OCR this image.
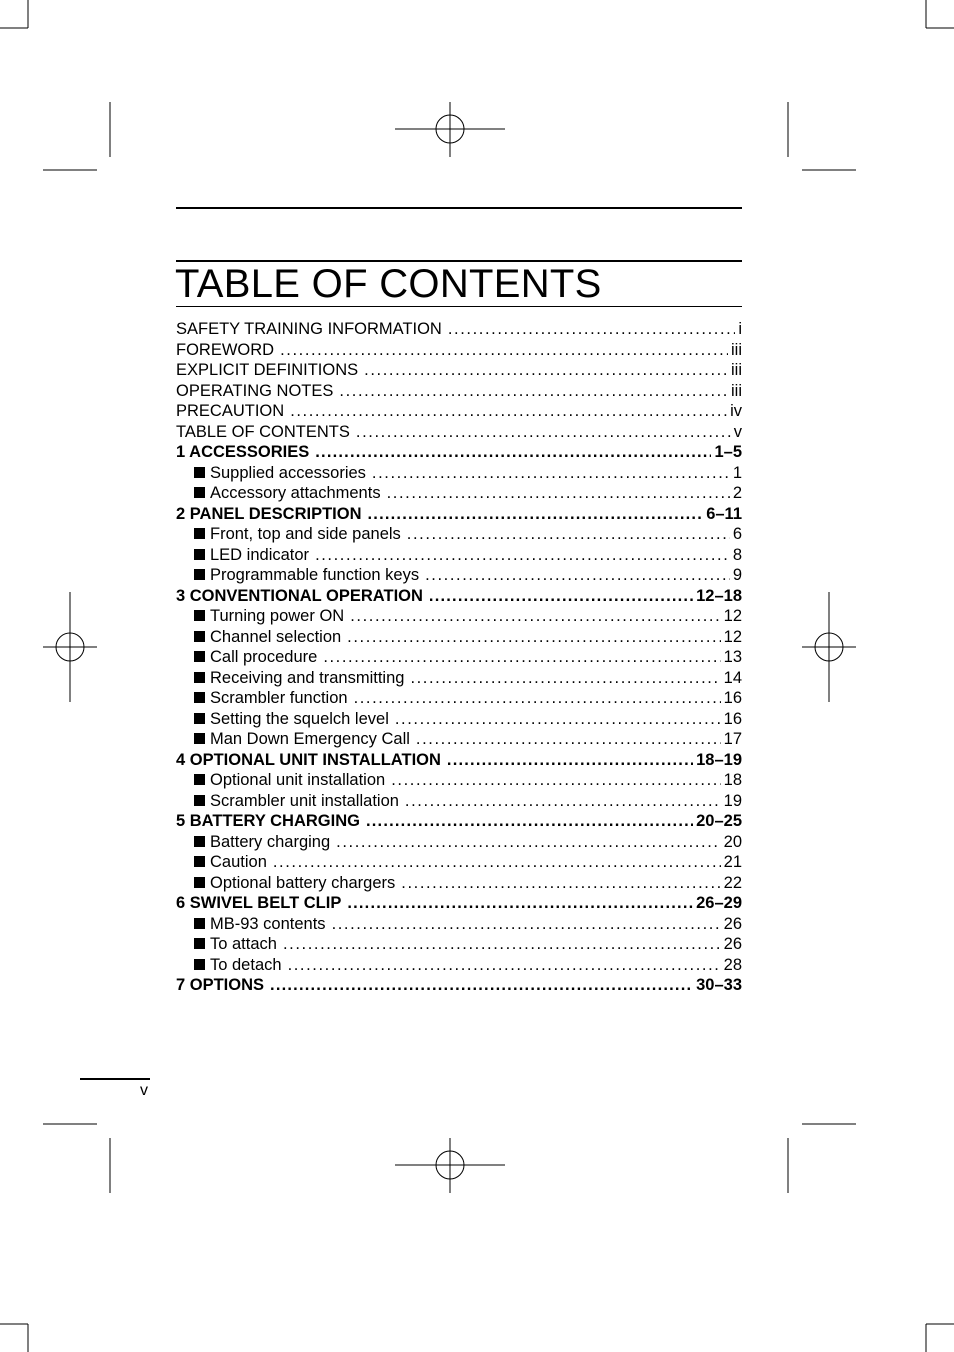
TABLE OF CONTENTS
SAFETY TRAINING INFORMATION .....	i
FOREWORD .....	iii
EXPLICIT DEFINITIONS .....	iii
OPERATING NOTES .....	iii
PRECAUTION .....	iv
TABLE OF CONTENTS .....	v
1 ACCESSORIES .....	1–5
Supplied accessories .....	1
Accessory attachments .....	2
2 PANEL DESCRIPTION .....	6–11
Front, top and side panels .....	6
LED indicator .....	8
Programmable function keys .....	9
3 CONVENTIONAL OPERATION .....	12–18
Turning power ON .....	12
Channel selection .....	12
Call procedure .....	13
Receiving and transmitting .....	14
Scrambler function .....	16
Setting the squelch level .....	16
Man Down Emergency Call .....	17
4 OPTIONAL UNIT INSTALLATION .....	18–19
Optional unit installation .....	18
Scrambler unit installation .....	19
5 BATTERY CHARGING .....	20–25
Battery charging .....	20
Caution .....	21
Optional battery chargers .....	22
6 SWIVEL BELT CLIP .....	26–29
MB-93 contents .....	26
To attach .....	26
To detach .....	28
7 OPTIONS .....	30–33
v
